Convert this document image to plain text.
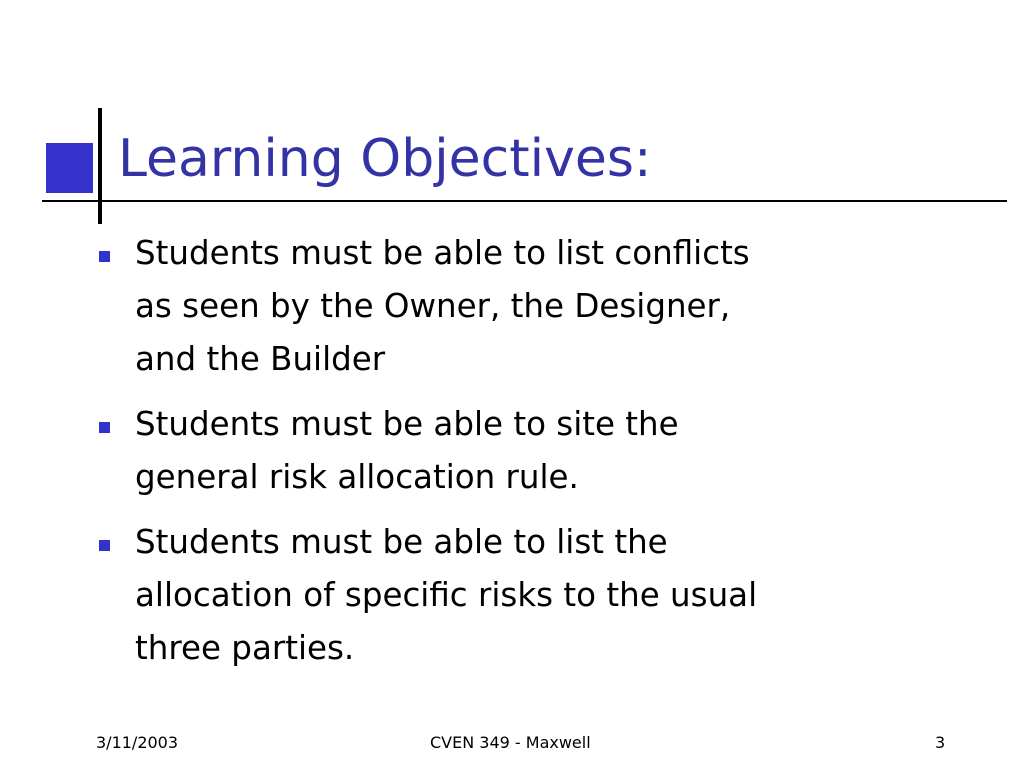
Learning Objectives:
Students must be able to list conflicts
as seen by the Owner, the Designer,
and the Builder
Students must be able to site the
general risk allocation rule.
Students must be able to list the
allocation of specific risks to the usual
three parties.
3/11/2003	CVEN 349 - Maxwell	3
